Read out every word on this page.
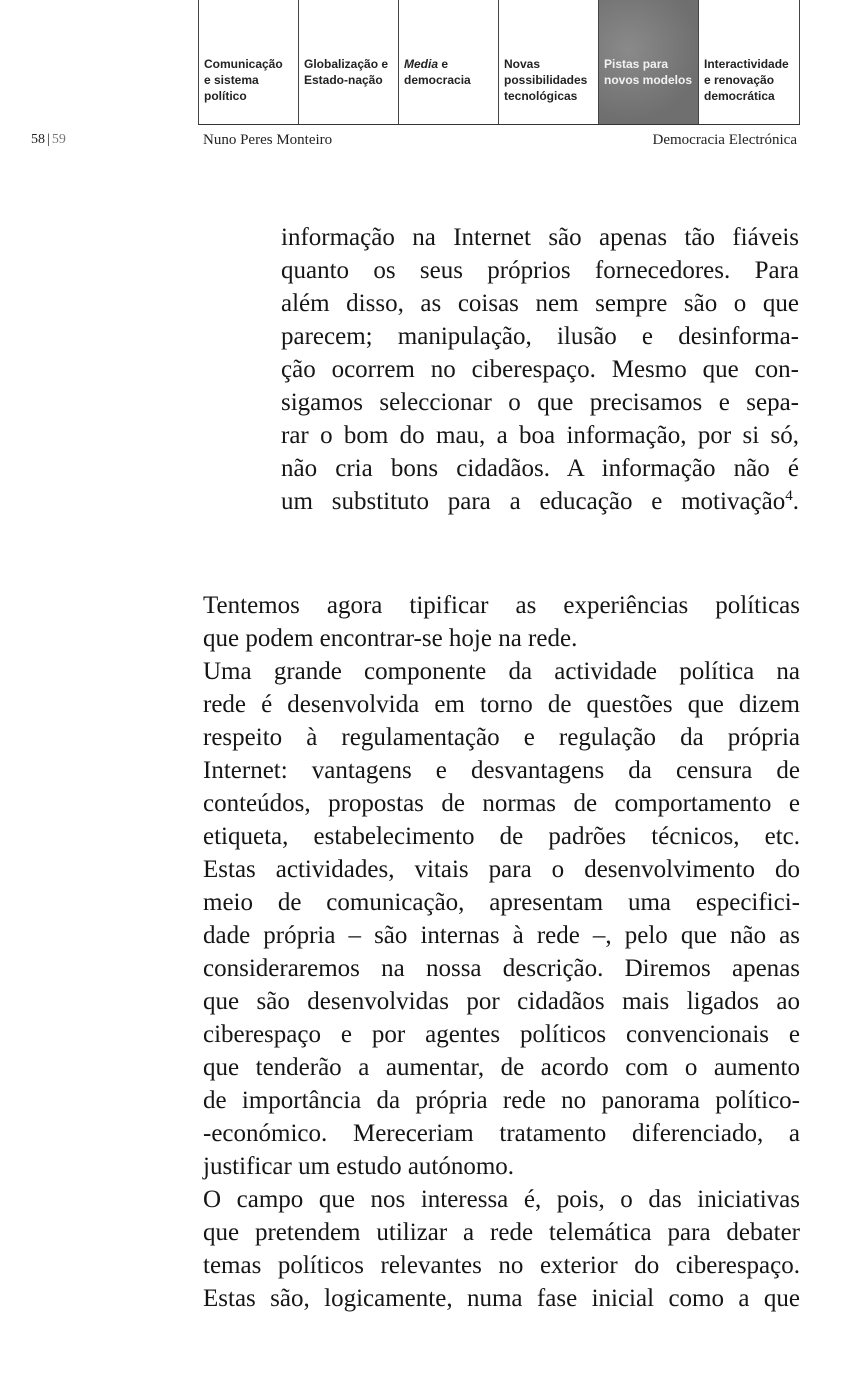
Comunicação
e sistema
político

Globalização e
Estado-nação

Media e
democracia

Novas
possibilidades
tecnológicas

Pistas para
novos modelos

Interactividade
e renovação
democrática

58 | 59	Nuno Peres Monteiro	Democracia Electrónica
informação na Internet são apenas tão fiáveis
quanto os seus próprios fornecedores. Para
além disso, as coisas nem sempre são o que
parecem; manipulação, ilusão e desinforma-
ção ocorrem no ciberespaço. Mesmo que con-
sigamos seleccionar o que precisamos e sepa-
rar o bom do mau, a boa informação, por si só,
não cria bons cidadãos. A informação não é
um substituto para a educação e motivação$^4$.
Tentemos agora tipificar as experiências políticas
que podem encontrar-se hoje na rede.
Uma grande componente da actividade política na
rede é desenvolvida em torno de questões que dizem
respeito à regulamentação e regulação da própria
Internet: vantagens e desvantagens da censura de
conteúdos, propostas de normas de comportamento e
etiqueta, estabelecimento de padrões técnicos, etc.
Estas actividades, vitais para o desenvolvimento do
meio de comunicação, apresentam uma especifici-
dade própria – são internas à rede –, pelo que não as
consideraremos na nossa descrição. Diremos apenas
que são desenvolvidas por cidadãos mais ligados ao
ciberespaço e por agentes políticos convencionais e
que tenderão a aumentar, de acordo com o aumento
de importância da própria rede no panorama político-
-económico. Mereceriam tratamento diferenciado, a
justificar um estudo autónomo.
O campo que nos interessa é, pois, o das iniciativas
que pretendem utilizar a rede telemática para debater
temas políticos relevantes no exterior do ciberespaço.
Estas são, logicamente, numa fase inicial como a que
